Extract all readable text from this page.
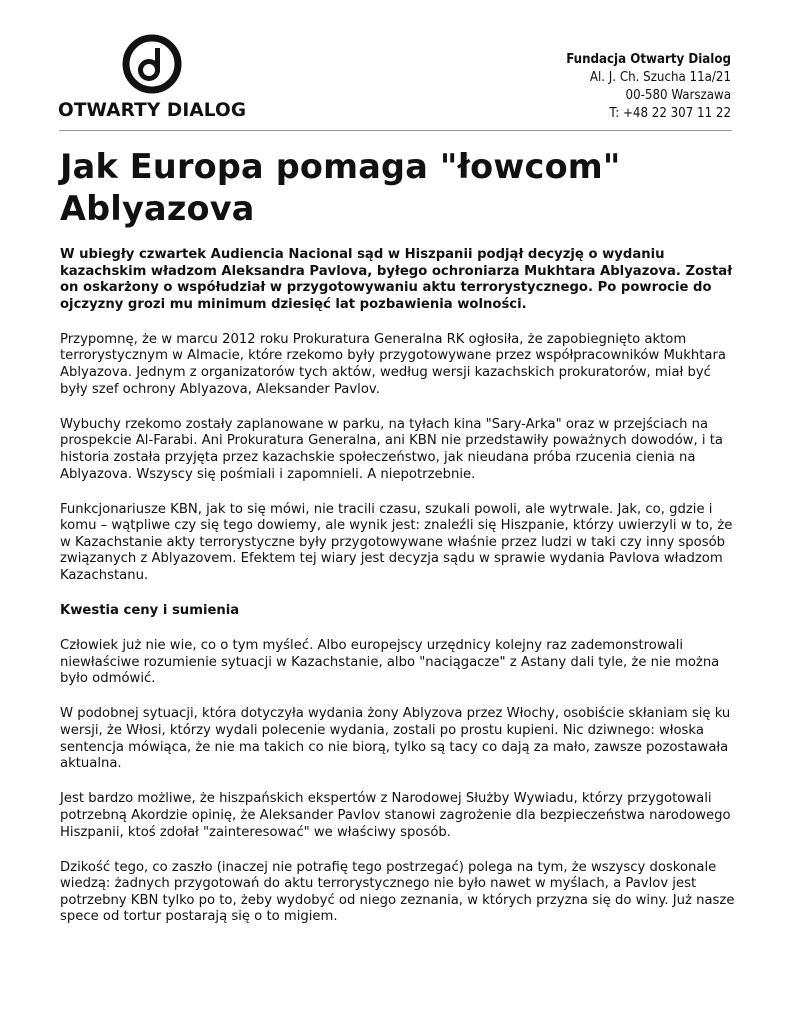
OTWARTY DIALOG
Fundacja Otwarty Dialog
Al. J. Ch. Szucha 11a/21
00-580 Warszawa
T: +48 22 307 11 22
Jak Europa pomaga "łowcom" Ablyazova

W ubiegły czwartek Audiencia Nacional sąd w Hiszpanii podjął decyzję o wydaniu kazachskim władzom Aleksandra Pavlova, byłego ochroniarza Mukhtara Ablyazova. Został on oskarżony o współudział w przygotowywaniu aktu terrorystycznego. Po powrocie do ojczyzny grozi mu minimum dziesięć lat pozbawienia wolności.

Przypomnę, że w marcu 2012 roku Prokuratura Generalna RK ogłosiła, że zapobiegnięto aktom terrorystycznym w Almacie, które rzekomo były przygotowywane przez współpracowników Mukhtara Ablyazova. Jednym z organizatorów tych aktów, według wersji kazachskich prokuratorów, miał być były szef ochrony Ablyazova, Aleksander Pavlov.

Wybuchy rzekomo zostały zaplanowane w parku, na tyłach kina "Sary-Arka" oraz w przejściach na prospekcie Al-Farabi. Ani Prokuratura Generalna, ani KBN nie przedstawiły poważnych dowodów, i ta historia została przyjęta przez kazachskie społeczeństwo, jak nieudana próba rzucenia cienia na Ablyazova. Wszyscy się pośmiali i zapomnieli. A niepotrzebnie.

Funkcjonariusze KBN, jak to się mówi, nie tracili czasu, szukali powoli, ale wytrwale. Jak, co, gdzie i komu – wątpliwe czy się tego dowiemy, ale wynik jest: znaleźli się Hiszpanie, którzy uwierzyli w to, że w Kazachstanie akty terrorystyczne były przygotowywane właśnie przez ludzi w taki czy inny sposób związanych z Ablyazovem. Efektem tej wiary jest decyzja sądu w sprawie wydania Pavlova władzom Kazachstanu.

Kwestia ceny i sumienia

Człowiek już nie wie, co o tym myśleć. Albo europejscy urzędnicy kolejny raz zademonstrowali niewłaściwe rozumienie sytuacji w Kazachstanie, albo "naciągacze" z Astany dali tyle, że nie można było odmówić.

W podobnej sytuacji, która dotyczyła wydania żony Ablyzova przez Włochy, osobiście skłaniam się ku wersji, że Włosi, którzy wydali polecenie wydania, zostali po prostu kupieni. Nic dziwnego: włoska sentencja mówiąca, że nie ma takich co nie biorą, tylko są tacy co dają za mało, zawsze pozostawała aktualna.

Jest bardzo możliwe, że hiszpańskich ekspertów z Narodowej Służby Wywiadu, którzy przygotowali potrzebną Akordzie opinię, że Aleksander Pavlov stanowi zagrożenie dla bezpieczeństwa narodowego Hiszpanii, ktoś zdołał "zainteresować" we właściwy sposób.

Dzikość tego, co zaszło (inaczej nie potrafię tego postrzegać) polega na tym, że wszyscy doskonale wiedzą: żadnych przygotowań do aktu terrorystycznego nie było nawet w myślach, a Pavlov jest potrzebny KBN tylko po to, żeby wydobyć od niego zeznania, w których przyzna się do winy. Już nasze spece od tortur postarają się o to migiem.
